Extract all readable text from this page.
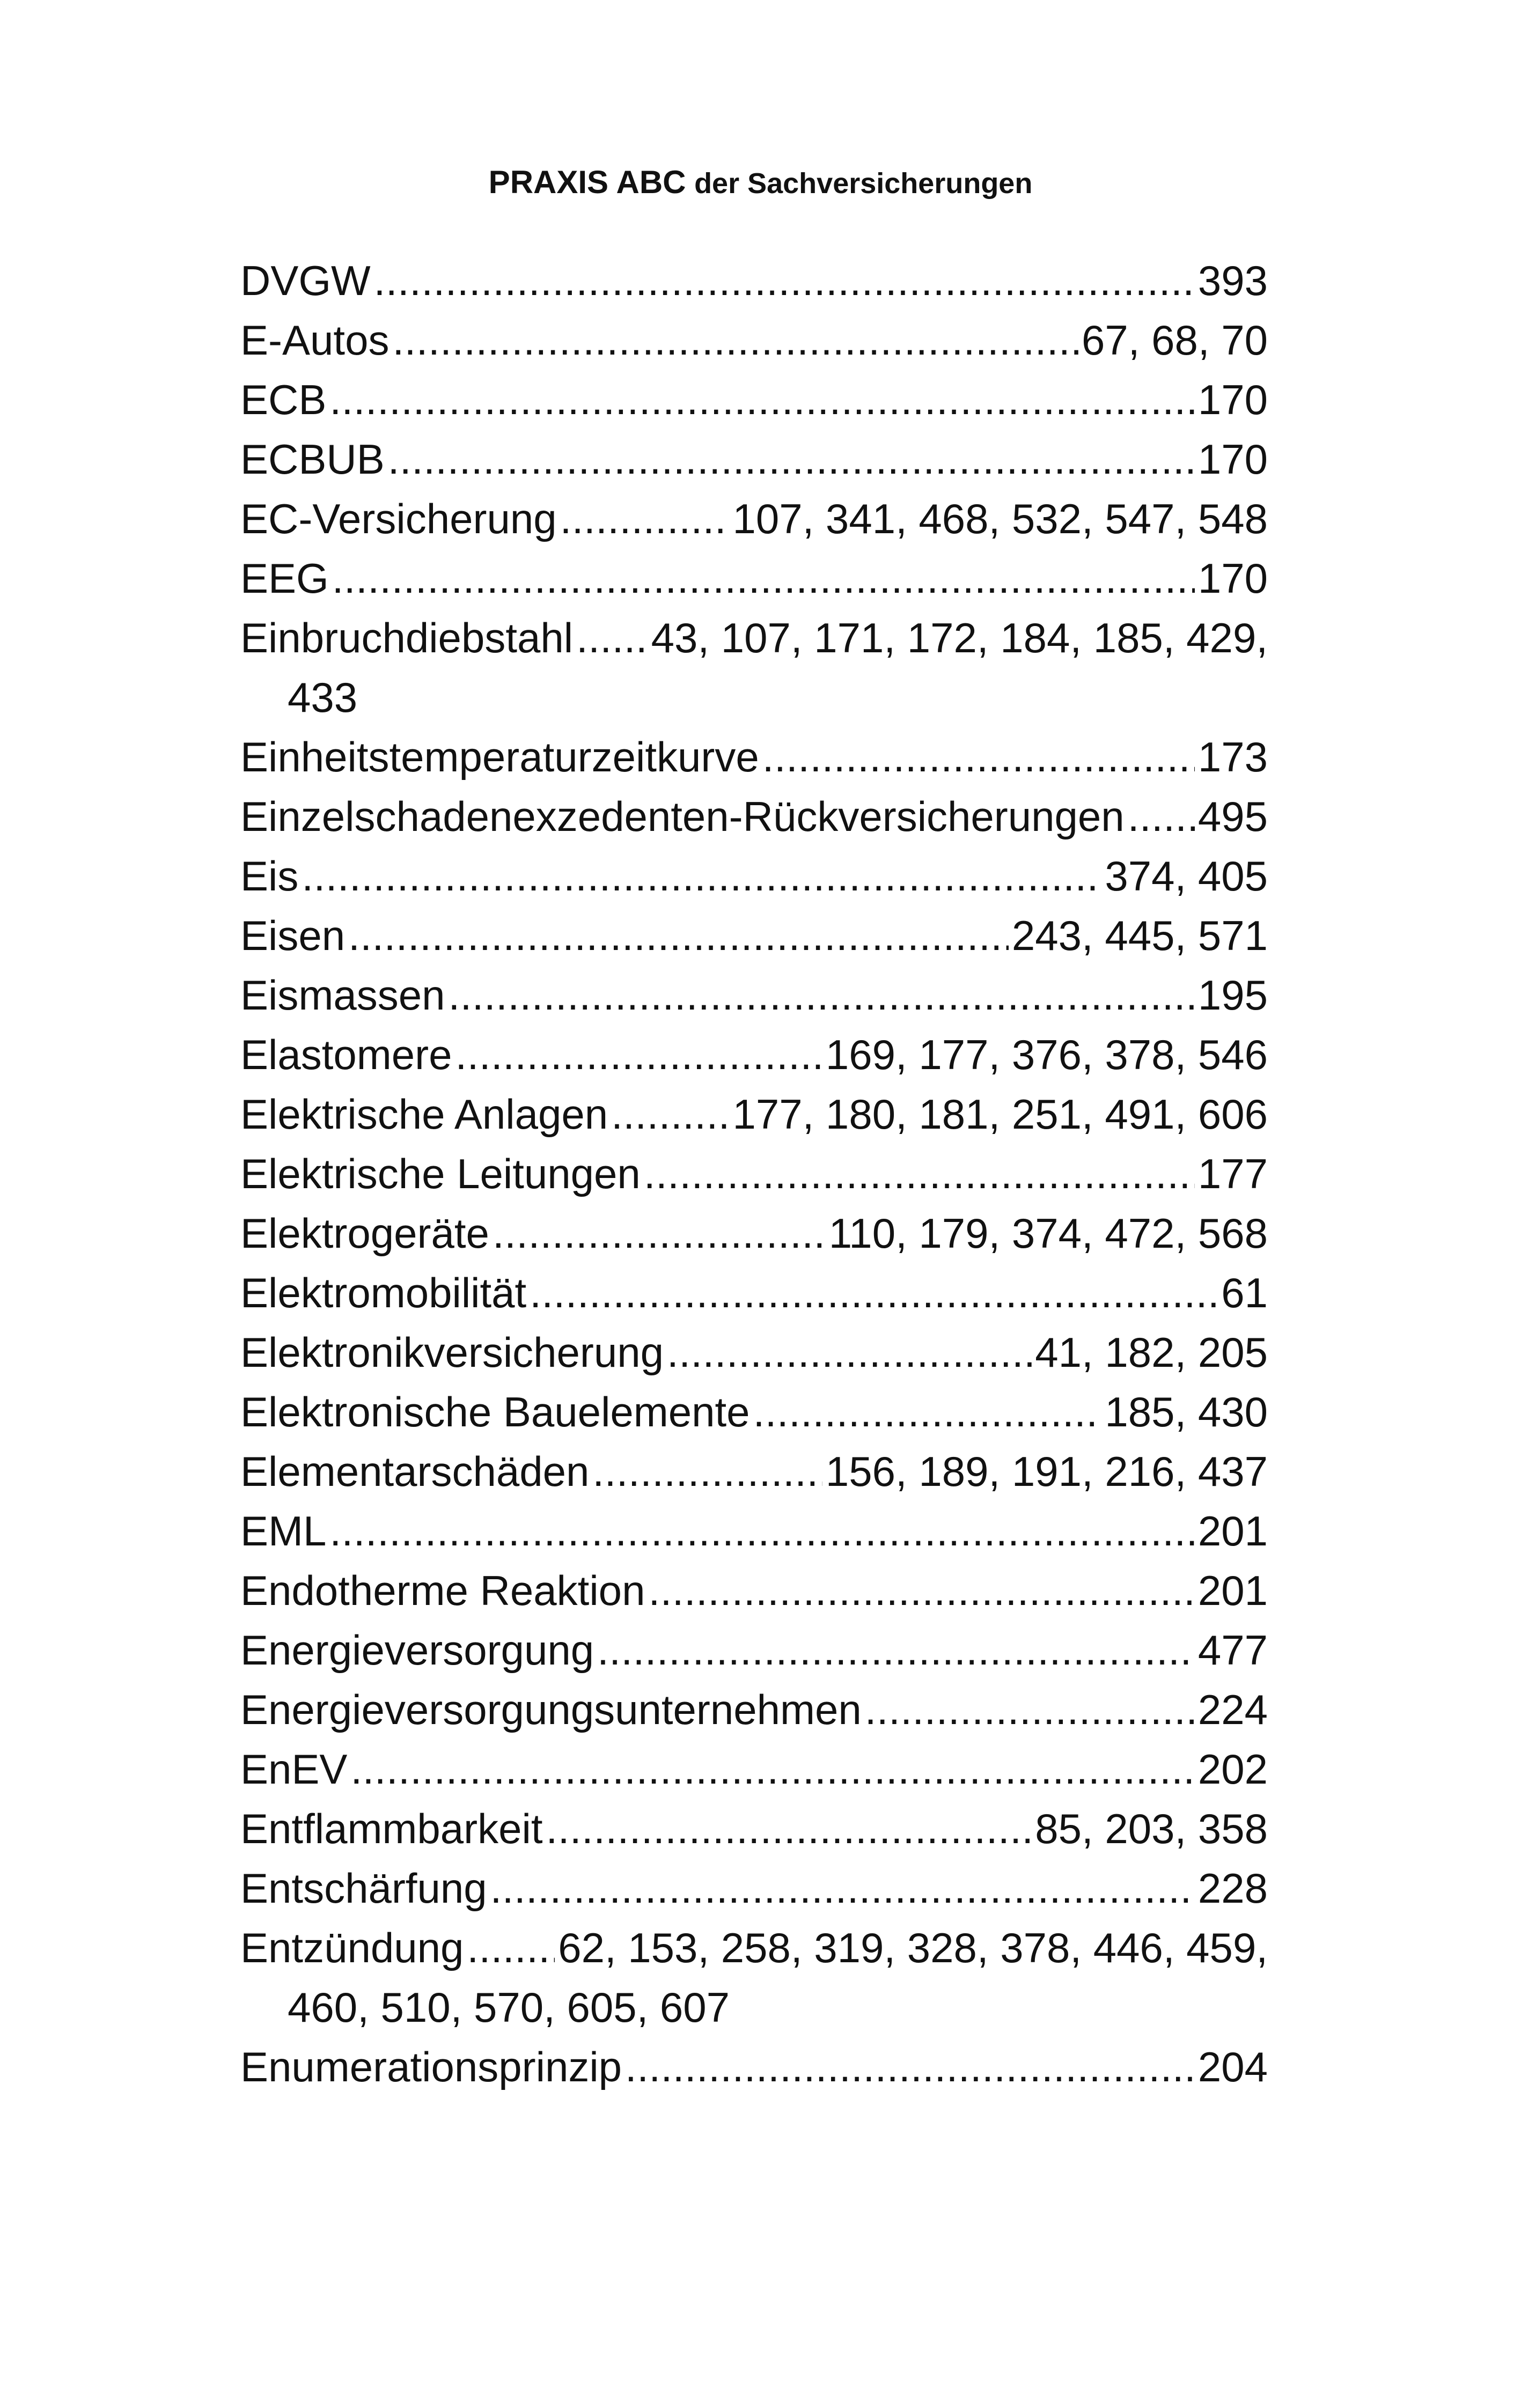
PRAXIS ABC der Sachversicherungen
DVGW .....	393
E-Autos .....	67, 68, 70
ECB .....	170
ECBUB .....	170
EC-Versicherung .....	107, 341, 468, 532, 547, 548
EEG .....	170
Einbruchdiebstahl ..... 43, 107, 171, 172, 184, 185, 429,
433
Einheitstemperaturzeitkurve .....	173
Einzelschadenexzedenten-Rückversicherungen ..... 495
Eis .....	374, 405
Eisen .....	243, 445, 571
Eismassen .....	195
Elastomere .....	169, 177, 376, 378, 546
Elektrische Anlagen .....	177, 180, 181, 251, 491, 606
Elektrische Leitungen .....	177
Elektrogeräte .....	110, 179, 374, 472, 568
Elektromobilität .....	61
Elektronikversicherung .....	41, 182, 205
Elektronische Bauelemente .....	185, 430
Elementarschäden .....	156, 189, 191, 216, 437
EML .....	201
Endotherme Reaktion .....	201
Energieversorgung .....	477
Energieversorgungsunternehmen .....	224
EnEV .....	202
Entflammbarkeit .....	85, 203, 358
Entschärfung .....	228
Entzündung ..... 62, 153, 258, 319, 328, 378, 446, 459,
460, 510, 570, 605, 607
Enumerationsprinzip .....	204
